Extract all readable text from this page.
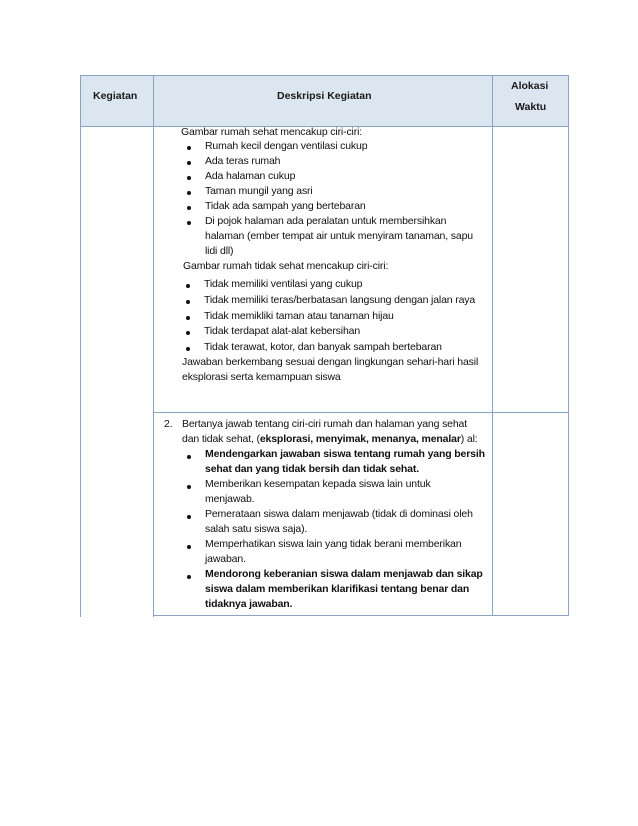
Kegiatan	Deskripsi Kegiatan
Alokasi
Waktu
Gambar rumah sehat mencakup ciri-ciri:
Rumah kecil dengan ventilasi cukup
Ada teras rumah
Ada halaman cukup
Taman mungil yang asri
Tidak ada sampah yang bertebaran
Di pojok halaman ada peralatan untuk membersihkan
halaman (ember tempat air untuk menyiram tanaman, sapu
lidi dll)
Gambar rumah tidak sehat mencakup ciri-ciri:
Tidak memiliki ventilasi yang cukup
Tidak memiliki teras/berbatasan langsung dengan jalan raya
Tidak memikliki taman atau tanaman hijau
Tidak terdapat alat-alat kebersihan
Tidak terawat, kotor, dan banyak sampah bertebaran
Jawaban berkembang sesuai dengan lingkungan sehari-hari hasil
eksplorasi serta kemampuan siswa
2. Bertanya jawab tentang ciri-ciri rumah dan halaman yang sehat
dan tidak sehat, (eksplorasi, menyimak, menanya, menalar) al:
Mendengarkan jawaban siswa tentang rumah yang bersih
sehat dan yang tidak bersih dan tidak sehat.
Memberikan kesempatan kepada siswa lain untuk
menjawab.
Pemerataan siswa dalam menjawab (tidak di dominasi oleh
salah satu siswa saja).
Memperhatikan siswa lain yang tidak berani memberikan
jawaban.
Mendorong keberanian siswa dalam menjawab dan sikap
siswa dalam memberikan klarifikasi tentang benar dan
tidaknya jawaban.
